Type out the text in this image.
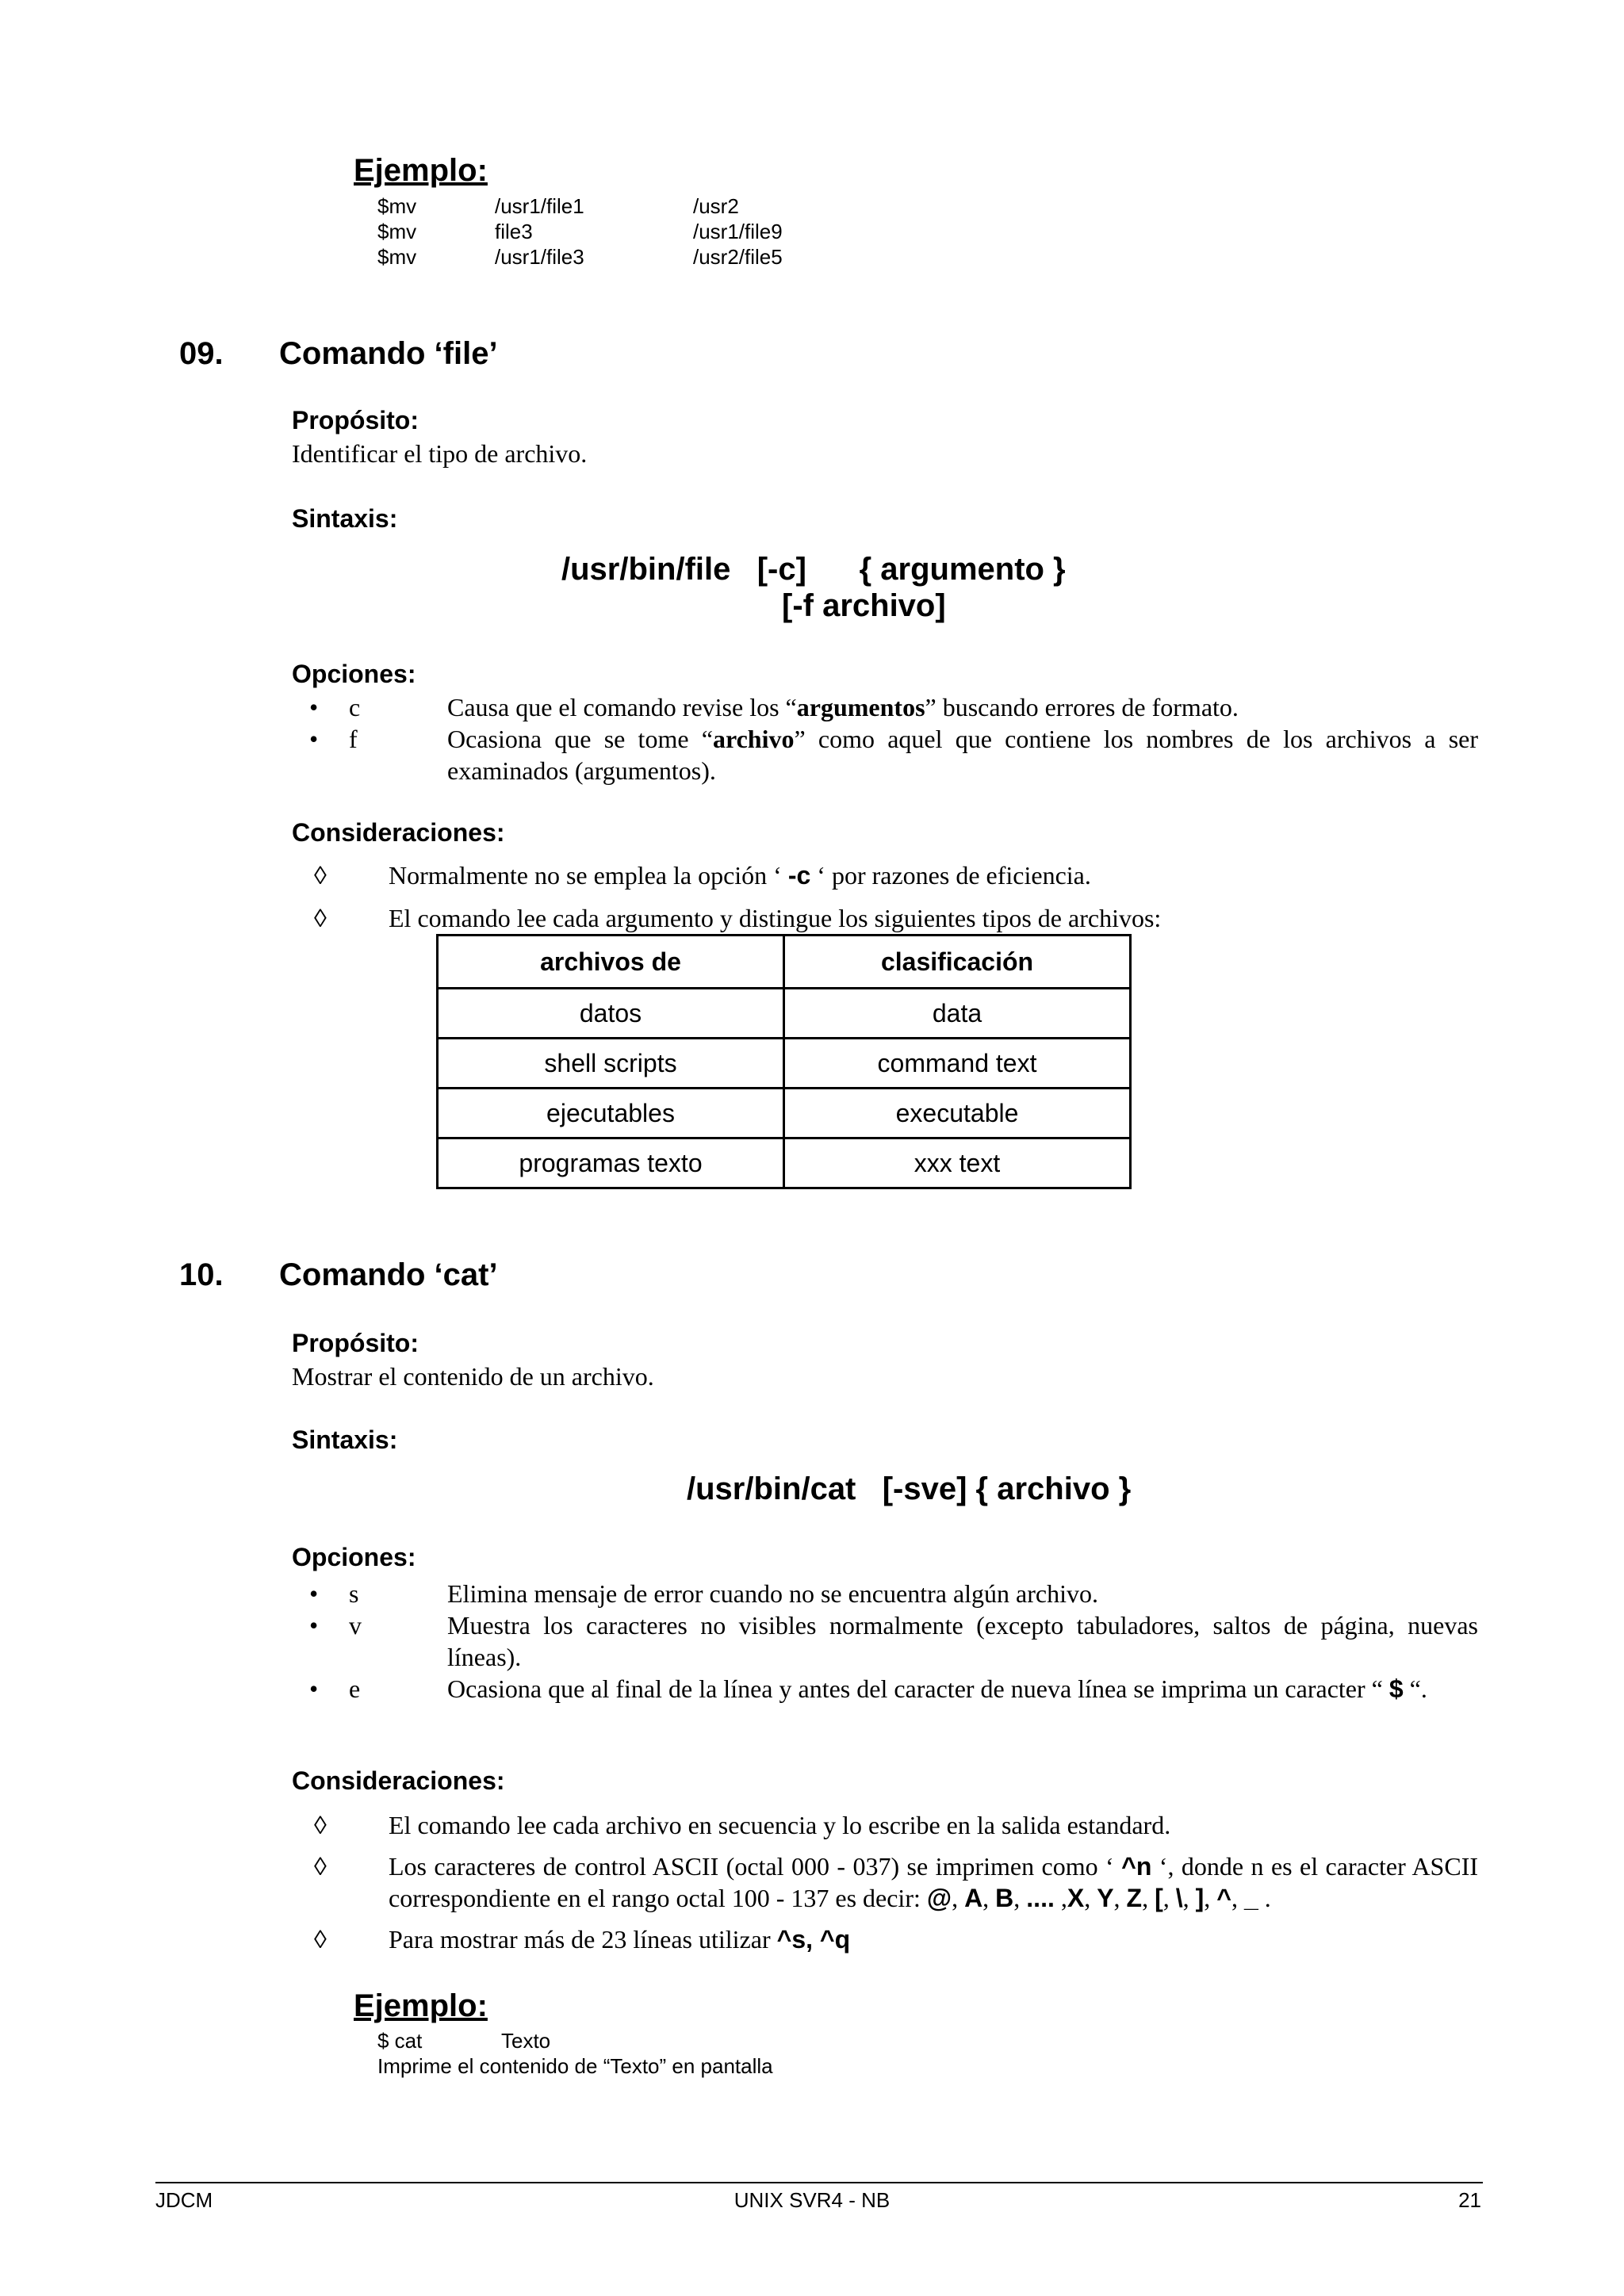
Ejemplo:
$mv	/usr1/file1	/usr2
$mv	file3	/usr1/file9
$mv	/usr1/file3	/usr2/file5
09. Comando ‘file’
Propósito:
Identificar el tipo de archivo.
Sintaxis:
/usr/bin/file   [-c]      { argumento }
[-f archivo]
Opciones:
• c	Causa que el comando revise los “argumentos” buscando errores de formato.
• f	Ocasiona que se tome “archivo” como aquel que contiene los nombres de los archivos a ser examinados (argumentos).
Consideraciones:
◊ Normalmente no se emplea la opción ‘ -c ‘ por razones de eficiencia.
◊ El comando lee cada argumento y distingue los siguientes tipos de archivos:
archivos de	clasificación
datos	data
shell scripts	command text
ejecutables	executable
programas texto	xxx text
10. Comando ‘cat’
Propósito:
Mostrar el contenido de un archivo.
Sintaxis:
/usr/bin/cat   [-sve] { archivo }
Opciones:
• s	Elimina mensaje de error cuando no se encuentra algún archivo.
• v	Muestra los caracteres no visibles normalmente (excepto tabuladores, saltos de página, nuevas líneas).
• e	Ocasiona que al final de la línea y antes del caracter de nueva línea se imprima un caracter “ $ “.
Consideraciones:
◊ El comando lee cada archivo en secuencia y lo escribe en la salida estandard.
◊ Los caracteres de control ASCII (octal 000 - 037) se imprimen como ‘ ^n ‘, donde n es el caracter ASCII correspondiente en el rango octal 100 - 137 es decir: @, A, B, .... ,X, Y, Z, [, \, ], ^, _ .
◊ Para mostrar más de 23 líneas utilizar ^s, ^q
Ejemplo:
$ cat	Texto
Imprime el contenido de “Texto” en pantalla
JDCM	UNIX SVR4 - NB	21
